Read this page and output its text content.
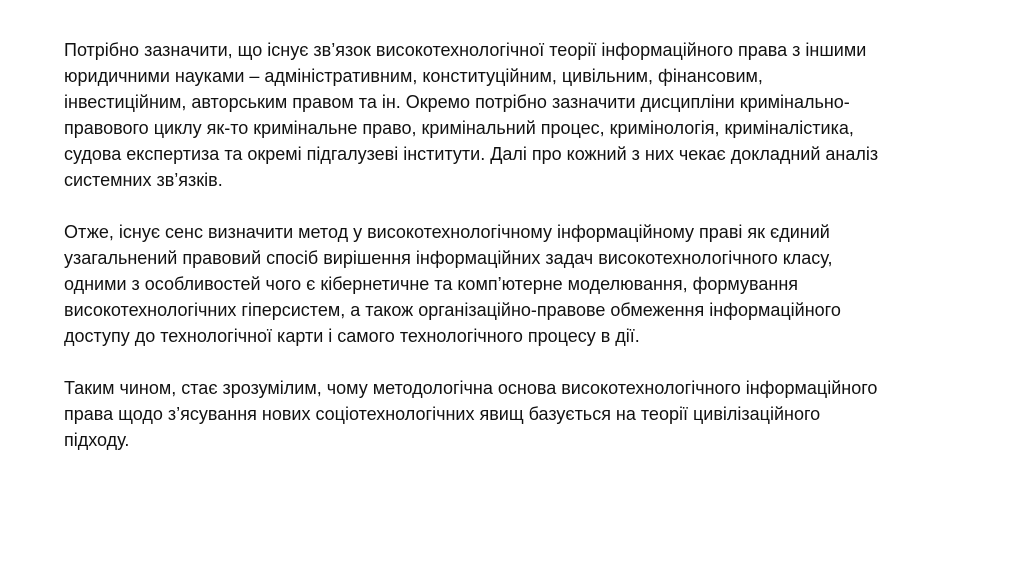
Потрібно зазначити, що існує зв’язок високотехнологічної теорії інформаційного права з іншими
юридичними науками – адміністративним, конституційним, цивільним, фінансовим,
інвестиційним, авторським правом та ін. Окремо потрібно зазначити дисципліни кримінально-
правового циклу як-то кримінальне право, кримінальний процес, кримінологія, криміналістика,
судова експертиза та окремі підгалузеві інститути. Далі про кожний з них чекає докладний аналіз
системних зв’язків.
Отже, існує сенс визначити метод у високотехнологічному інформаційному праві як єдиний
узагальнений правовий спосіб вирішення інформаційних задач високотехнологічного класу,
одними з особливостей чого є кібернетичне та комп’ютерне моделювання, формування
високотехнологічних гіперсистем, а також організаційно-правове обмеження інформаційного
доступу до технологічної карти і самого технологічного процесу в дії.
Таким чином, стає зрозумілим, чому методологічна основа високотехнологічного інформаційного
права щодо з’ясування нових соціотехнологічних явищ базується на теорії цивілізаційного
підходу.
